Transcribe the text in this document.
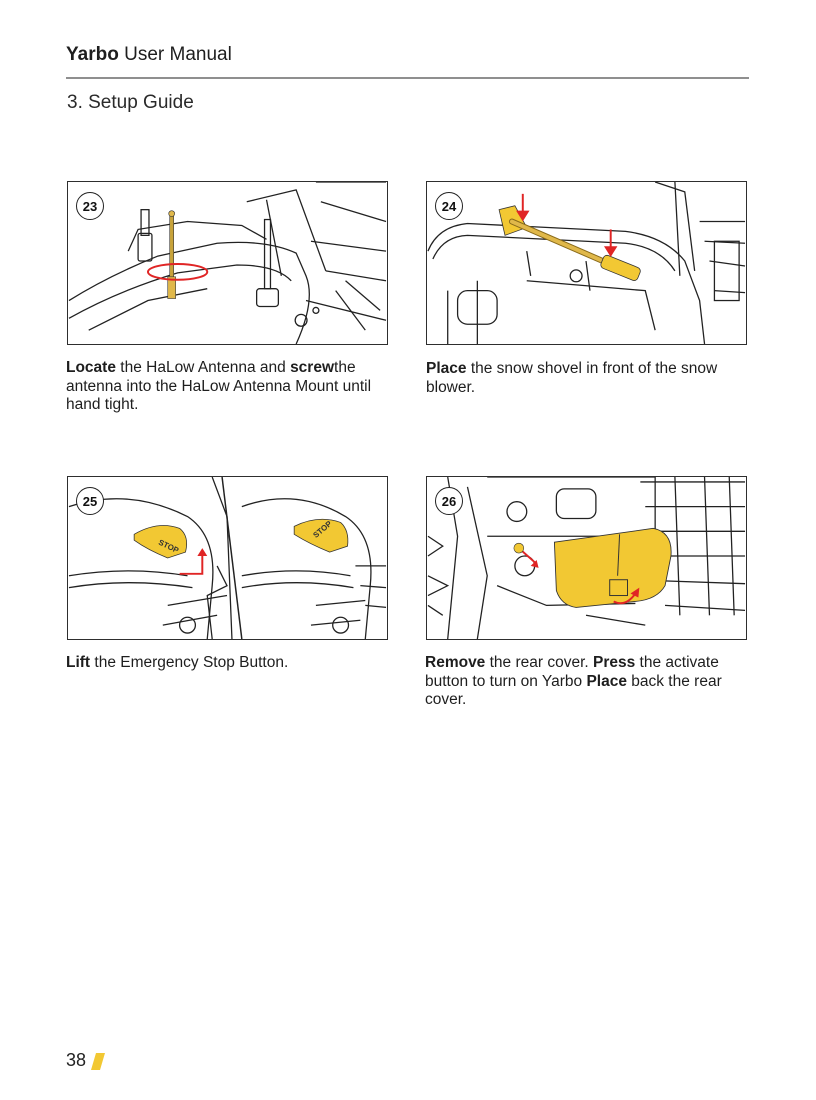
Yarbo User Manual
3. Setup Guide
23
Locate the HaLow Antenna and screwthe antenna into the HaLow Antenna Mount until hand tight.
24
Place the snow shovel in front of the snow blower.
25
STOP
STOP
Lift the Emergency Stop Button.
26
Remove the rear cover. Press the activate button to turn on Yarbo Place back the rear cover.
38
